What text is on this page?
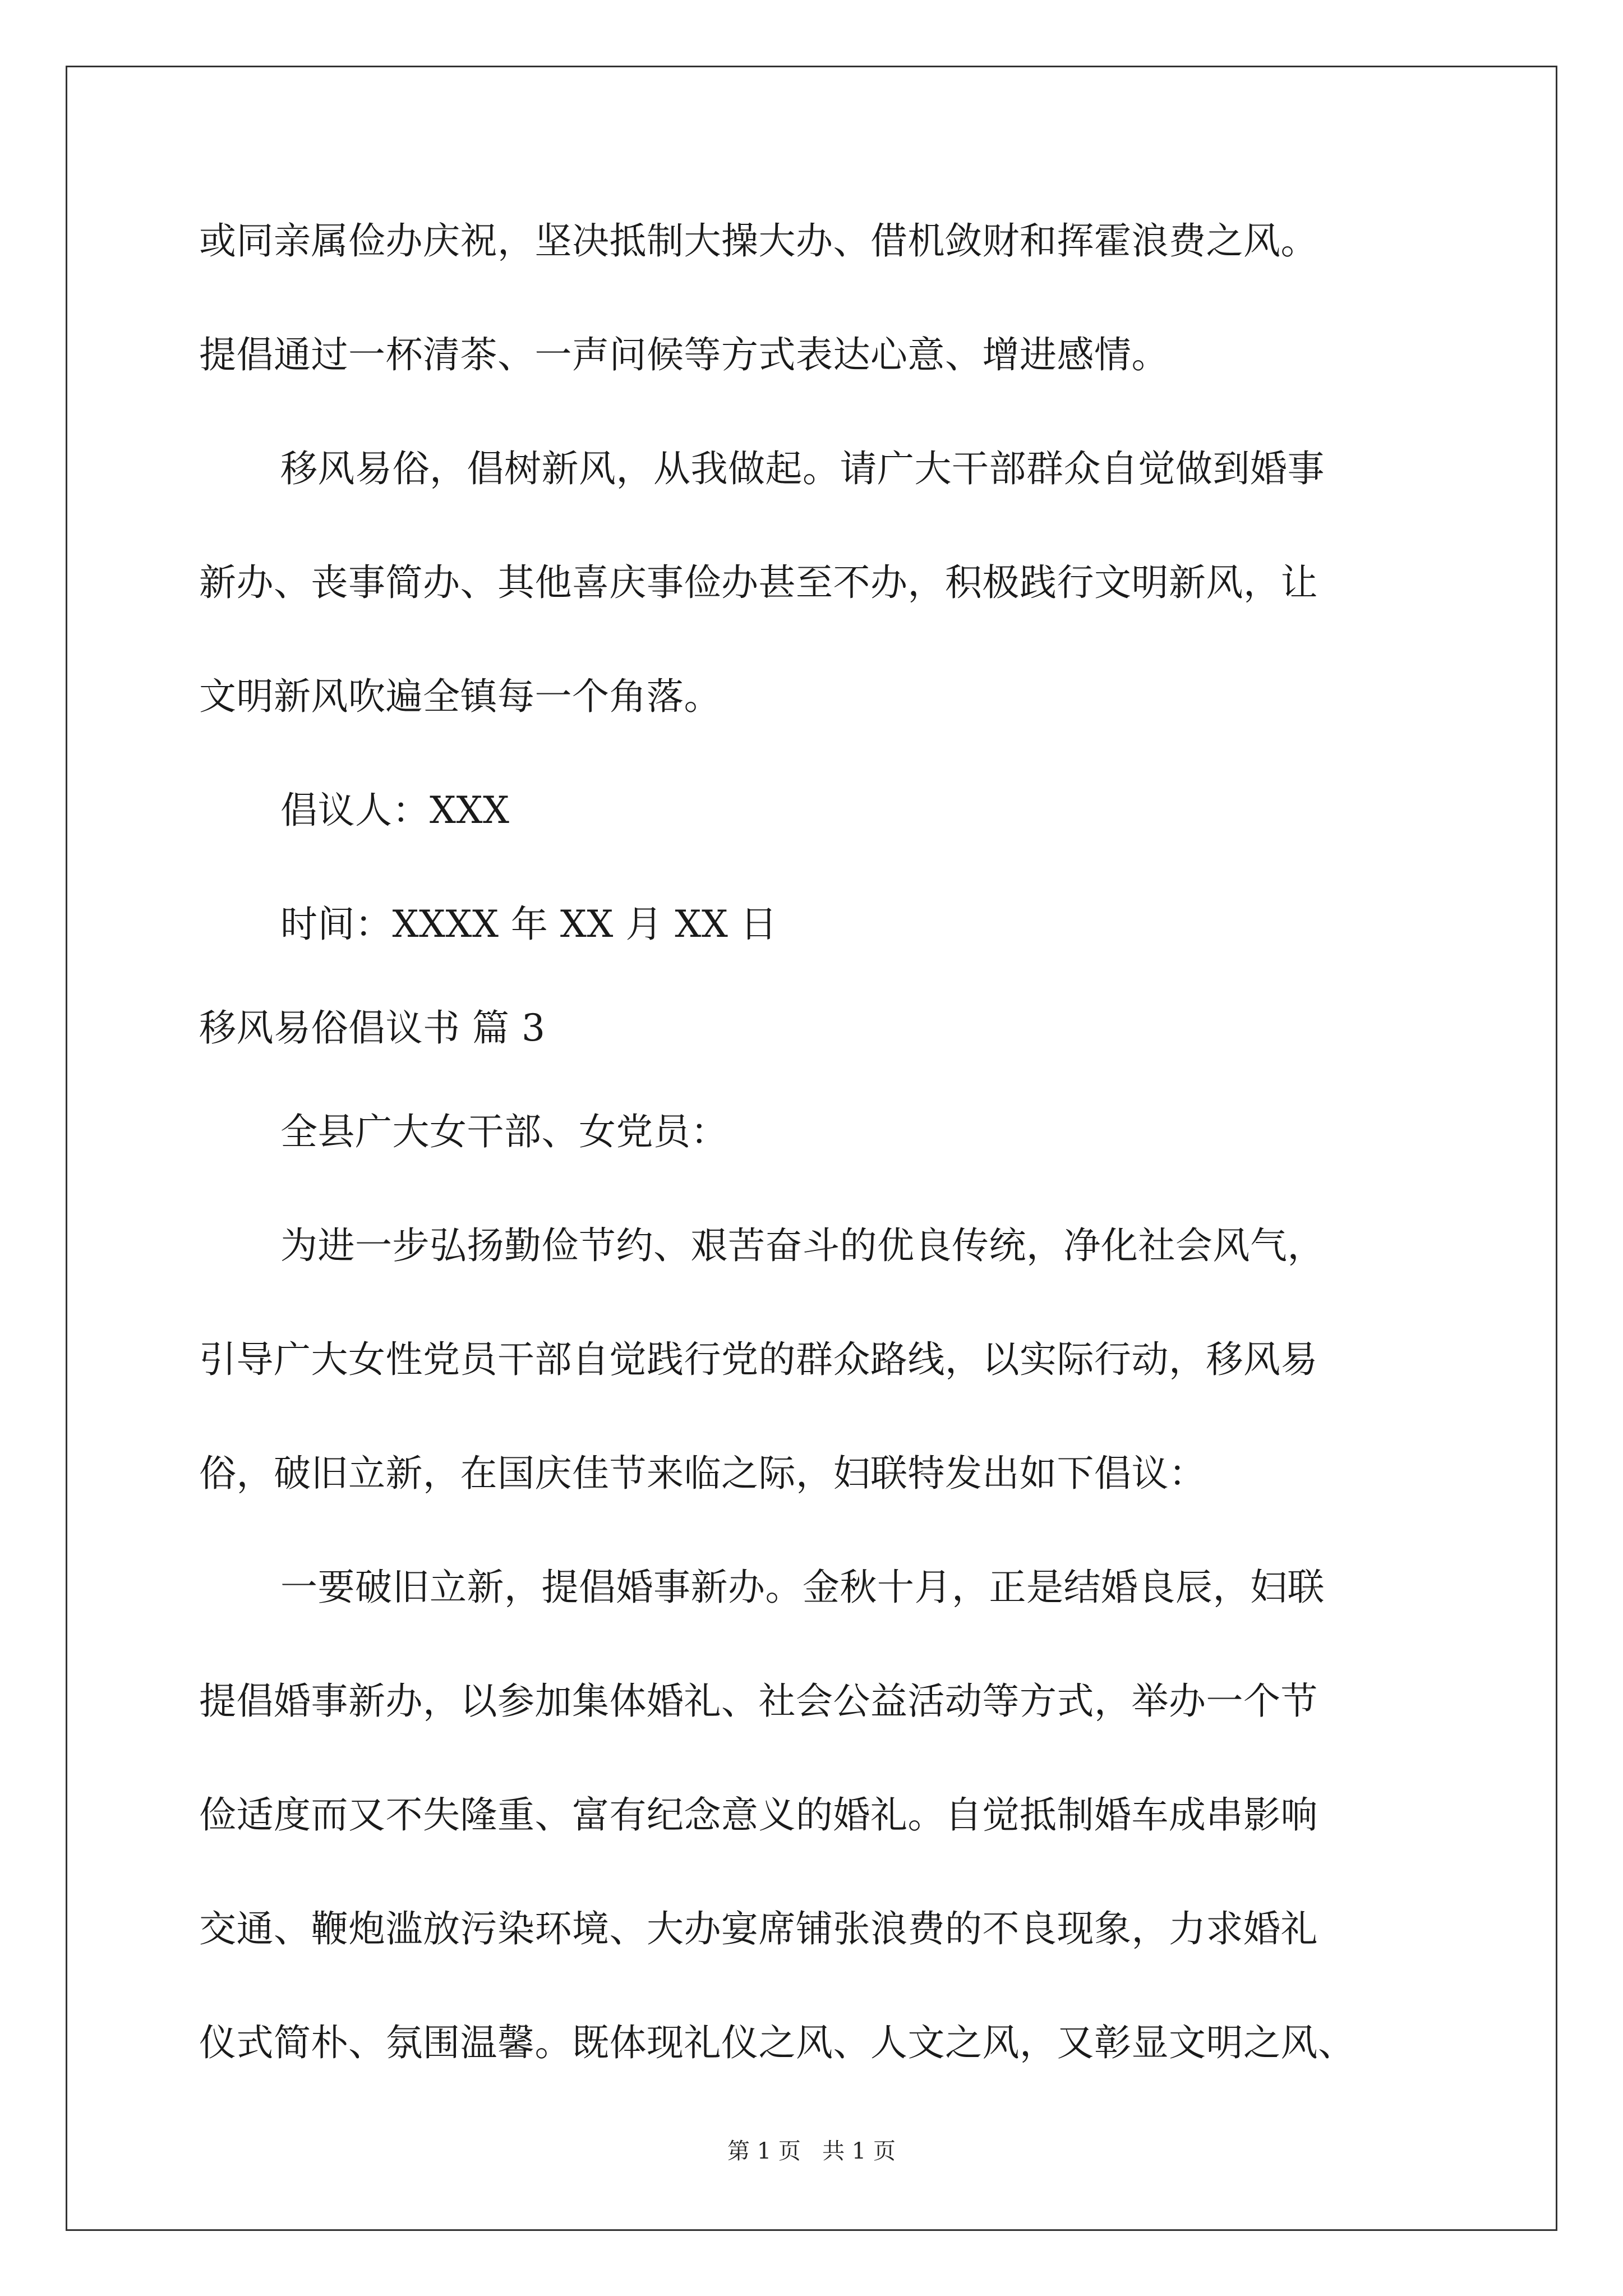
或同亲属俭办庆祝，坚决抵制大操大办、借机敛财和挥霍浪费之风。
提倡通过一杯清茶、一声问候等方式表达心意、增进感情。
移风易俗，倡树新风，从我做起。请广大干部群众自觉做到婚事
新办、丧事简办、其他喜庆事俭办甚至不办，积极践行文明新风，让
文明新风吹遍全镇每一个角落。
倡议人：XXX
时间：XXXX 年 XX 月 XX 日
移风易俗倡议书 篇 3
全县广大女干部、女党员：
为进一步弘扬勤俭节约、艰苦奋斗的优良传统，净化社会风气，
引导广大女性党员干部自觉践行党的群众路线，以实际行动，移风易
俗，破旧立新，在国庆佳节来临之际，妇联特发出如下倡议：
一要破旧立新，提倡婚事新办。金秋十月，正是结婚良辰，妇联
提倡婚事新办，以参加集体婚礼、社会公益活动等方式，举办一个节
俭适度而又不失隆重、富有纪念意义的婚礼。自觉抵制婚车成串影响
交通、鞭炮滥放污染环境、大办宴席铺张浪费的不良现象，力求婚礼
仪式简朴、氛围温馨。既体现礼仪之风、人文之风，又彰显文明之风、
第 1 页   共 1 页
